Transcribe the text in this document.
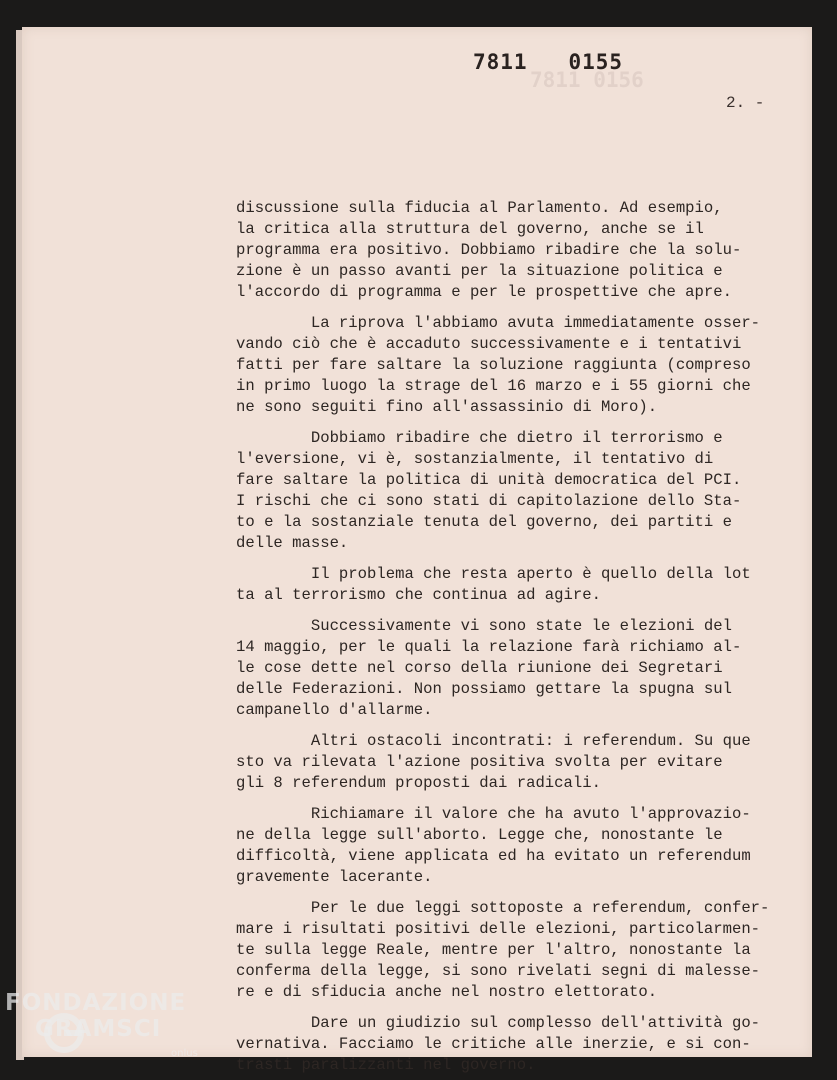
7811 0156
7811   0155
2. -

discussione sulla fiducia al Parlamento. Ad esempio,
la critica alla struttura del governo, anche se il
programma era positivo. Dobbiamo ribadire che la solu-
zione è un passo avanti per la situazione politica e
l'accordo di programma e per le prospettive che apre.

La riprova l'abbiamo avuta immediatamente osser-
vando ciò che è accaduto successivamente e i tentativi
fatti per fare saltare la soluzione raggiunta (compreso
in primo luogo la strage del 16 marzo e i 55 giorni che
ne sono seguiti fino all'assassinio di Moro).

Dobbiamo ribadire che dietro il terrorismo e
l'eversione, vi è, sostanzialmente, il tentativo di
fare saltare la politica di unità democratica del PCI.
I rischi che ci sono stati di capitolazione dello Sta-
to e la sostanziale tenuta del governo, dei partiti e
delle masse.

Il problema che resta aperto è quello della lot
ta al terrorismo che continua ad agire.

Successivamente vi sono state le elezioni del
14 maggio, per le quali la relazione farà richiamo al-
le cose dette nel corso della riunione dei Segretari
delle Federazioni. Non possiamo gettare la spugna sul
campanello d'allarme.

Altri ostacoli incontrati: i referendum. Su que
sto va rilevata l'azione positiva svolta per evitare
gli 8 referendum proposti dai radicali.

Richiamare il valore che ha avuto l'approvazio-
ne della legge sull'aborto. Legge che, nonostante le
difficoltà, viene applicata ed ha evitato un referendum
gravemente lacerante.

Per le due leggi sottoposte a referendum, confer-
mare i risultati positivi delle elezioni, particolarmen-
te sulla legge Reale, mentre per l'altro, nonostante la
conferma della legge, si sono rivelati segni di malesse-
re e di sfiducia anche nel nostro elettorato.

Dare un giudizio sul complesso dell'attività go-
vernativa. Facciamo le critiche alle inerzie, e si con-
trasti paralizzanti nel governo.

FONDAZIONE
GRAMSCI
onlus
